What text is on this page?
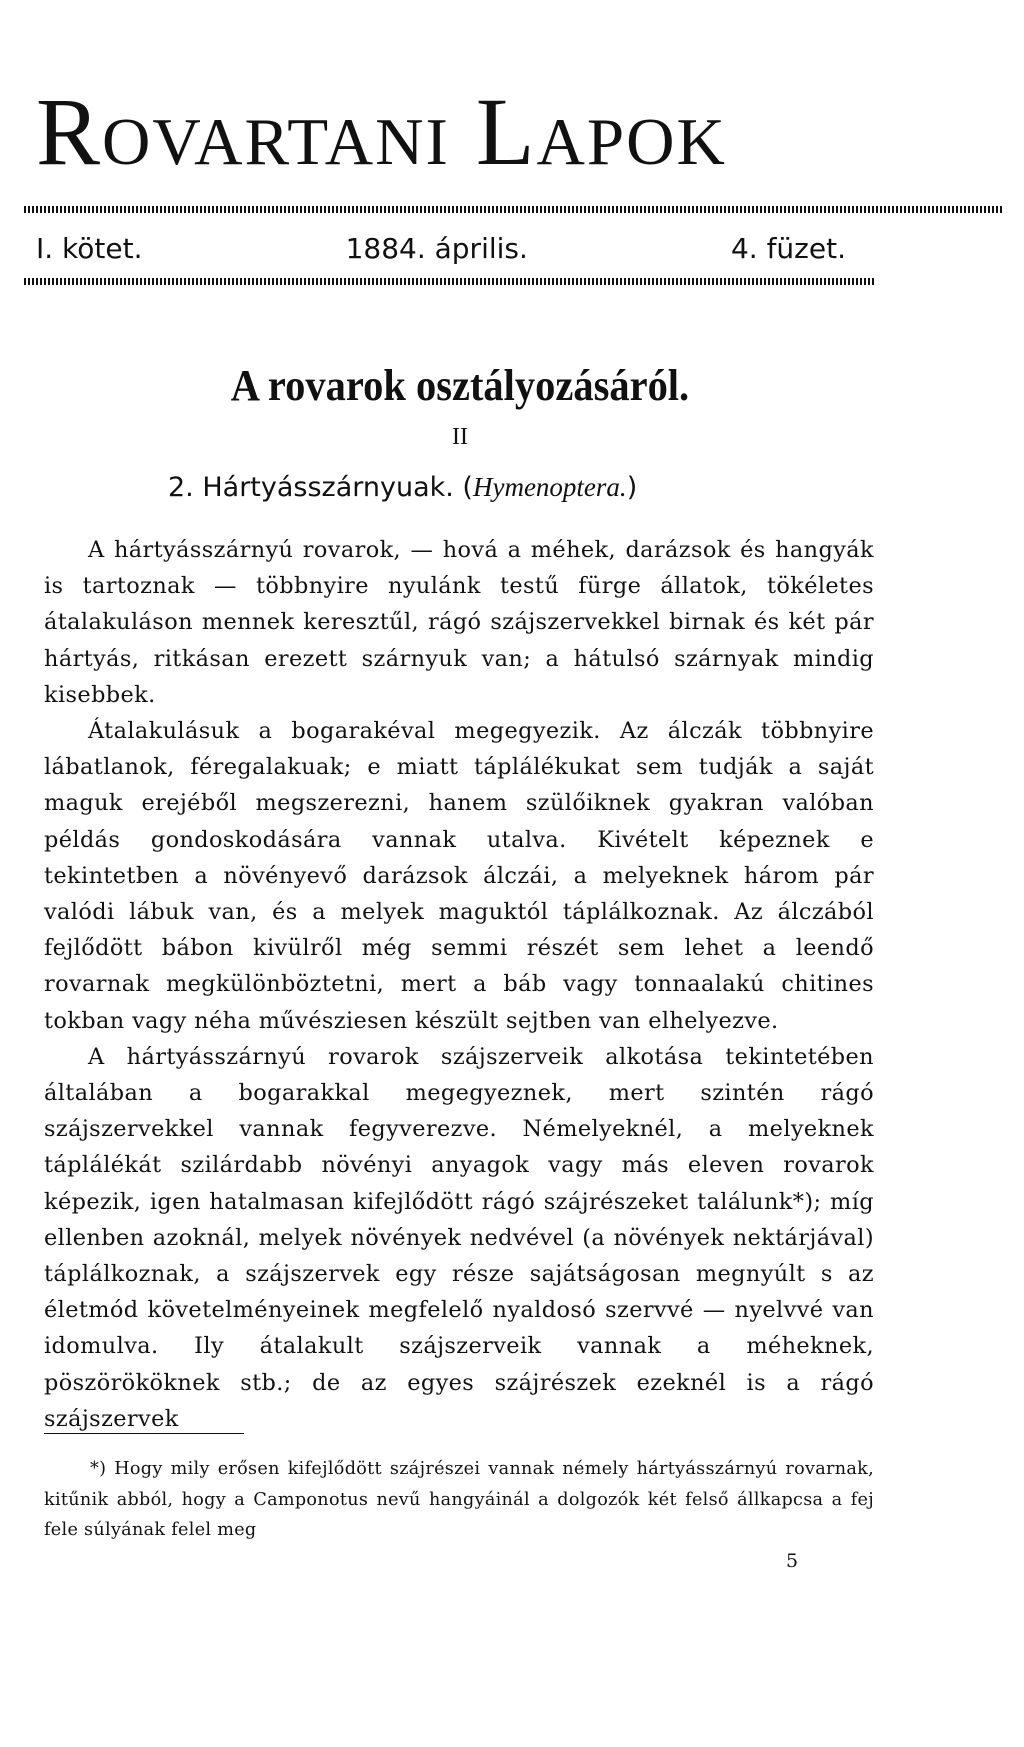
Rovartani Lapok
I. kötet.	1884. április.	4. füzet.
A rovarok osztályozásáról.
II
2. Hártyásszárnyuak. (Hymenoptera.)

A hártyásszárnyú rovarok, — hová a méhek, darázsok és hangyák is tartoznak — többnyire nyulánk testű fürge állatok, tökéletes átalakuláson mennek keresztűl, rágó szájszervekkel birnak és két pár hártyás, ritkásan erezett szárnyuk van; a hátulsó szárnyak mindig kisebbek.

Átalakulásuk a bogarakéval megegyezik. Az álczák többnyire lábatlanok, féregalakuak; e miatt táplálékukat sem tudják a saját maguk erejéből megszerezni, hanem szülőiknek gyakran valóban példás gondoskodására vannak utalva. Kivételt képeznek e tekintetben a növényevő darázsok álczái, a melyeknek három pár valódi lábuk van, és a melyek maguktól táplálkoznak. Az álczából fejlődött bábon kivülről még semmi részét sem lehet a leendő rovarnak megkülönböztetni, mert a báb vagy tonnaalakú chitines tokban vagy néha művésziesen készült sejtben van elhelyezve.

A hártyásszárnyú rovarok szájszerveik alkotása tekintetében általában a bogarakkal megegyeznek, mert szintén rágó szájszervekkel vannak fegyverezve. Némelyeknél, a melyeknek táplálékát szilárdabb növényi anyagok vagy más eleven rovarok képezik, igen hatalmasan kifejlődött rágó szájrészeket találunk*); míg ellenben azoknál, melyek növények nedvével (a növények nektárjával) táplálkoznak, a szájszervek egy része sajátságosan megnyúlt s az életmód követelményeinek megfelelő nyaldosó szervvé — nyelvvé van idomulva. Ily átalakult szájszerveik vannak a méheknek, pöszörököknek stb.; de az egyes szájrészek ezeknél is a rágó szájszervek

*) Hogy mily erősen kifejlődött szájrészei vannak némely hártyásszárnyú rovarnak, kitűnik abból, hogy a Camponotus nevű hangyáinál a dolgozók két felső állkapcsa a fej fele súlyának felel meg

5
